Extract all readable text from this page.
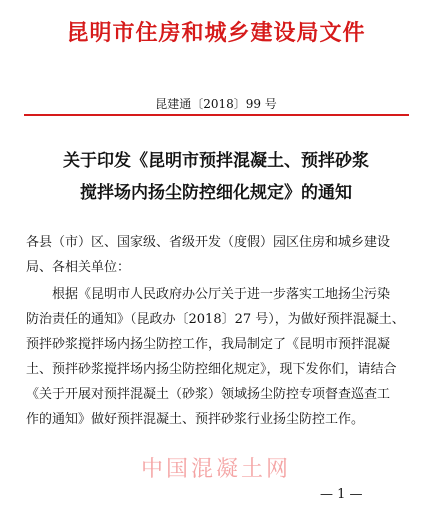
昆明市住房和城乡建设局文件
昆建通〔2018〕99 号
关于印发《昆明市预拌混凝土、预拌砂浆
搅拌场内扬尘防控细化规定》的通知
各县（市）区、国家级、省级开发（度假）园区住房和城乡建设
局、各相关单位：
根据《昆明市人民政府办公厅关于进一步落实工地扬尘污染
防治责任的通知》（昆政办〔2018〕27 号），为做好预拌混凝土、
预拌砂浆搅拌场内扬尘防控工作，我局制定了《昆明市预拌混凝
土、预拌砂浆搅拌场内扬尘防控细化规定》，现下发你们，请结合
《关于开展对预拌混凝土（砂浆）领域扬尘防控专项督查巡查工
作的通知》做好预拌混凝土、预拌砂浆行业扬尘防控工作。
中国混凝土网
— 1 —
